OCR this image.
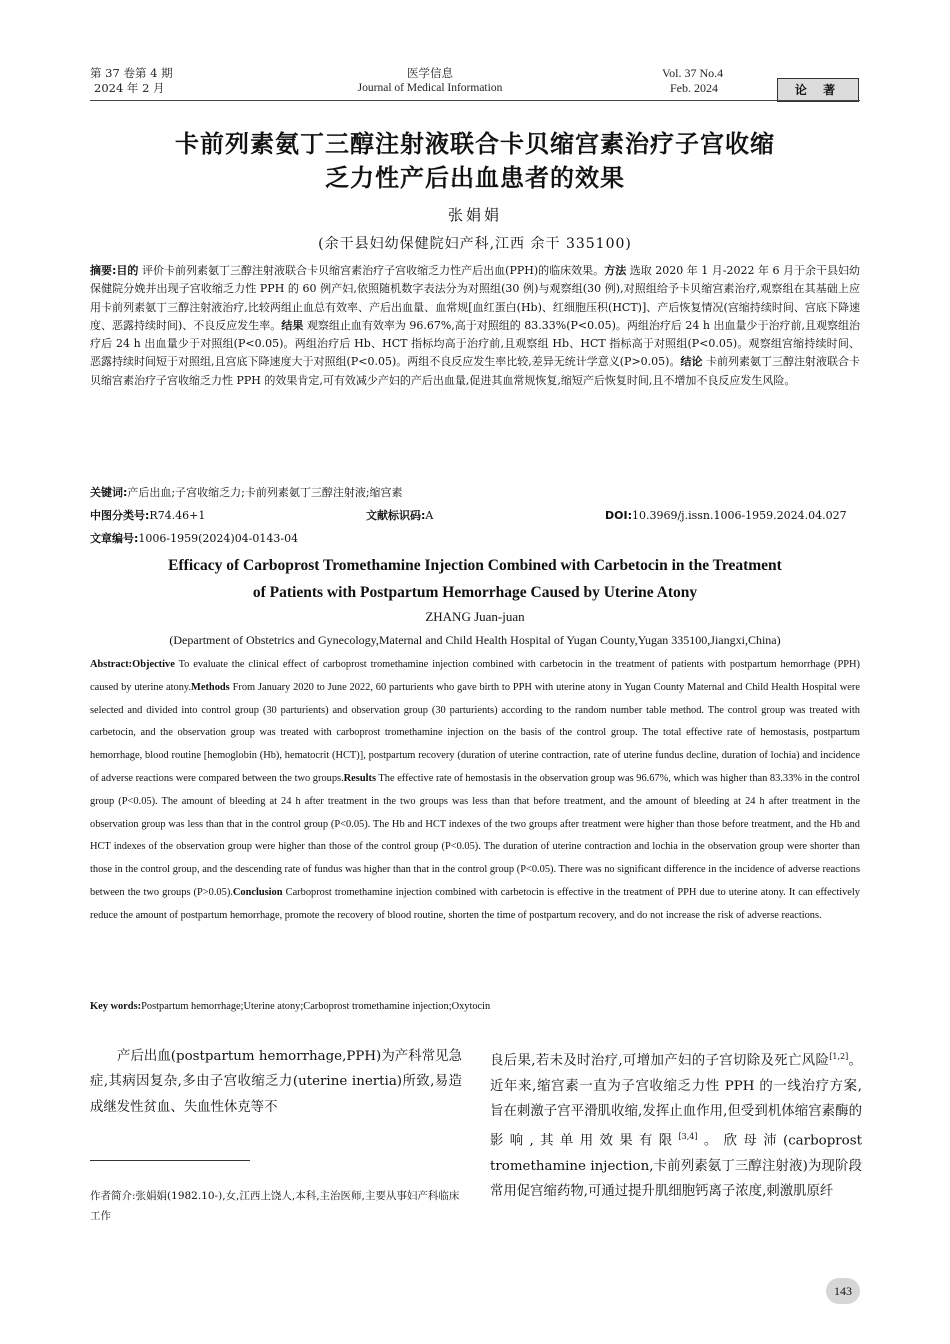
第 37 卷第 4 期
2024 年 2 月
医学信息
Journal of Medical Information
Vol. 37 No.4
Feb. 2024	论 著
卡前列素氨丁三醇注射液联合卡贝缩宫素治疗子宫收缩
乏力性产后出血患者的效果
张娟娟
(余干县妇幼保健院妇产科,江西 余干 335100)
摘要:目的 评价卡前列素氨丁三醇注射液联合卡贝缩宫素治疗子宫收缩乏力性产后出血(PPH)的临床效果。方法 选取 2020 年 1 月-2022 年 6 月于余干县妇幼保健院分娩并出现子宫收缩乏力性 PPH 的 60 例产妇,依照随机数字表法分为对照组(30 例)与观察组(30 例),对照组给予卡贝缩宫素治疗,观察组在其基础上应用卡前列素氨丁三醇注射液治疗,比较两组止血总有效率、产后出血量、血常规[血红蛋白(Hb)、红细胞压积(HCT)]、产后恢复情况(宫缩持续时间、宫底下降速度、恶露持续时间)、不良反应发生率。结果 观察组止血有效率为 96.67%,高于对照组的 83.33%(P<0.05)。两组治疗后 24 h 出血量少于治疗前,且观察组治疗后 24 h 出血量少于对照组(P<0.05)。两组治疗后 Hb、HCT 指标均高于治疗前,且观察组 Hb、HCT 指标高于对照组(P<0.05)。观察组宫缩持续时间、恶露持续时间短于对照组,且宫底下降速度大于对照组(P<0.05)。两组不良反应发生率比较,差异无统计学意义(P>0.05)。结论 卡前列素氨丁三醇注射液联合卡贝缩宫素治疗子宫收缩乏力性 PPH 的效果肯定,可有效减少产妇的产后出血量,促进其血常规恢复,缩短产后恢复时间,且不增加不良反应发生风险。
关键词:产后出血;子宫收缩乏力;卡前列素氨丁三醇注射液;缩宫素
中图分类号:R74.46+1	文献标识码:A	DOI:10.3969/j.issn.1006-1959.2024.04.027
文章编号:1006-1959(2024)04-0143-04
Efficacy of Carboprost Tromethamine Injection Combined with Carbetocin in the Treatment
of Patients with Postpartum Hemorrhage Caused by Uterine Atony
ZHANG Juan-juan
(Department of Obstetrics and Gynecology,Maternal and Child Health Hospital of Yugan County,Yugan 335100,Jiangxi,China)
Abstract:Objective To evaluate the clinical effect of carboprost tromethamine injection combined with carbetocin in the treatment of patients with postpartum hemorrhage (PPH) caused by uterine atony.Methods From January 2020 to June 2022, 60 parturients who gave birth to PPH with uterine atony in Yugan County Maternal and Child Health Hospital were selected and divided into control group (30 parturients) and observation group (30 parturients) according to the random number table method. The control group was treated with carbetocin, and the observation group was treated with carboprost tromethamine injection on the basis of the control group. The total effective rate of hemostasis, postpartum hemorrhage, blood routine [hemoglobin (Hb), hematocrit (HCT)], postpartum recovery (duration of uterine contraction, rate of uterine fundus decline, duration of lochia) and incidence of adverse reactions were compared between the two groups.Results The effective rate of hemostasis in the observation group was 96.67%, which was higher than 83.33% in the control group (P<0.05). The amount of bleeding at 24 h after treatment in the two groups was less than that before treatment, and the amount of bleeding at 24 h after treatment in the observation group was less than that in the control group (P<0.05). The Hb and HCT indexes of the two groups after treatment were higher than those before treatment, and the Hb and HCT indexes of the observation group were higher than those of the control group (P<0.05). The duration of uterine contraction and lochia in the observation group were shorter than those in the control group, and the descending rate of fundus was higher than that in the control group (P<0.05). There was no significant difference in the incidence of adverse reactions between the two groups (P>0.05).Conclusion Carboprost tromethamine injection combined with carbetocin is effective in the treatment of PPH due to uterine atony. It can effectively reduce the amount of postpartum hemorrhage, promote the recovery of blood routine, shorten the time of postpartum recovery, and do not increase the risk of adverse reactions.
Key words:Postpartum hemorrhage;Uterine atony;Carboprost tromethamine injection;Oxytocin
产后出血(postpartum hemorrhage,PPH)为产科常见急症,其病因复杂,多由子宫收缩乏力(uterine inertia)所致,易造成继发性贫血、失血性休克等不
良后果,若未及时治疗,可增加产妇的子宫切除及死亡风险[1,2]。近年来,缩宫素一直为子宫收缩乏力性 PPH 的一线治疗方案, 旨在刺激子宫平滑肌收缩,发挥止血作用,但受到机体缩宫素酶的影响,其单用效果有限[3,4]。欣母沛(carboprost tromethamine injection,卡前列素氨丁三醇注射液)为现阶段常用促宫缩药物,可通过提升肌细胞钙离子浓度,刺激肌原纤
作者简介:张娟娟(1982.10-),女,江西上饶人,本科,主治医师,主要从事妇产科临床工作
143
